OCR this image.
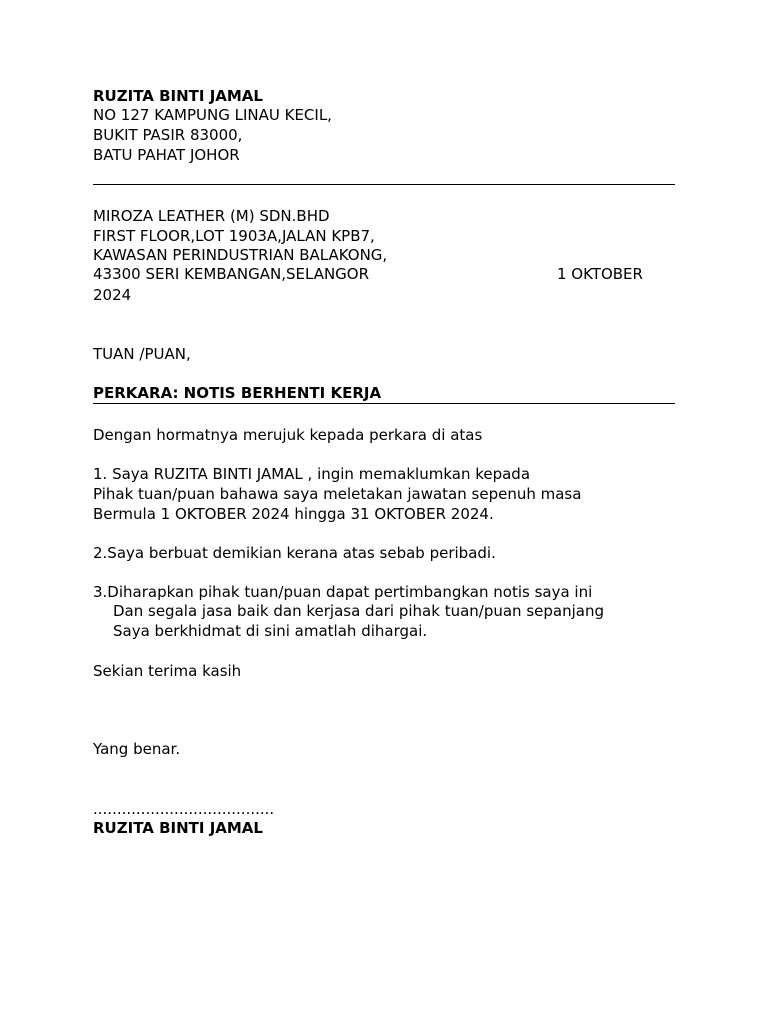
RUZITA BINTI JAMAL
NO 127 KAMPUNG LINAU KECIL,
BUKIT PASIR 83000,
BATU PAHAT JOHOR
MIROZA LEATHER (M) SDN.BHD
FIRST FLOOR,LOT 1903A,JALAN KPB7,
KAWASAN PERINDUSTRIAN BALAKONG,
43300 SERI KEMBANGAN,SELANGOR	1 OKTOBER
2024
TUAN /PUAN,
PERKARA: NOTIS BERHENTI KERJA
Dengan hormatnya merujuk kepada perkara di atas
1. Saya RUZITA BINTI JAMAL , ingin memaklumkan kepada
Pihak tuan/puan bahawa saya meletakan jawatan sepenuh masa
Bermula 1 OKTOBER 2024 hingga 31 OKTOBER 2024.
2.Saya berbuat demikian kerana atas sebab peribadi.
3.Diharapkan pihak tuan/puan dapat pertimbangkan notis saya ini
Dan segala jasa baik dan kerjasa dari pihak tuan/puan sepanjang
Saya berkhidmat di sini amatlah dihargai.
Sekian terima kasih
Yang benar.
......................................
RUZITA BINTI JAMAL
